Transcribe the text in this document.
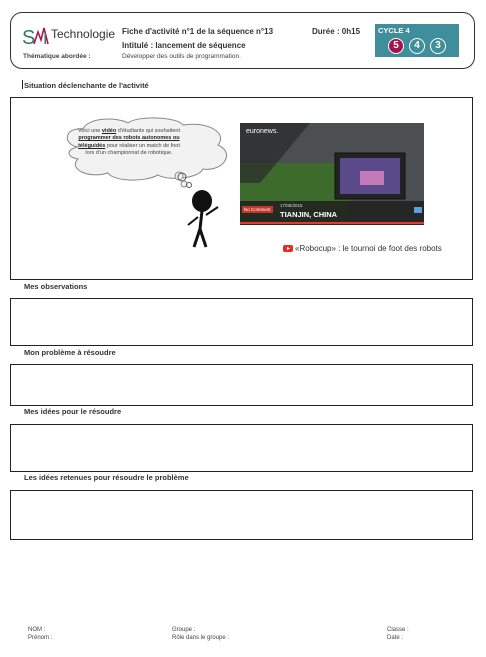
S I Technologie
Thématique abordée :
Fiche d'activité n°1 de la séquence n°13	Durée : 0h15
Intitulé : lancement de séquence
Développer des outils de programmation.
CYCLE 4
5	4	3
Situation déclenchante de l'activité
Voici une vidéo d'étudiants qui souhaitent programmer des robots autonomes ou téléguidés pour réaliser un match de foot lors d'un championnat de robotique.
euronews.
17/05/2015
TIANJIN, CHINA
No Comment
«Robocup» : le tournoi de foot des robots
Mes observations
Mon problème à résoudre
Mes idées pour le résoudre
Les idées retenues pour résoudre le problème
NOM :
Prénom :
Groupe :
Rôle dans le groupe :
Classe :
Date :
